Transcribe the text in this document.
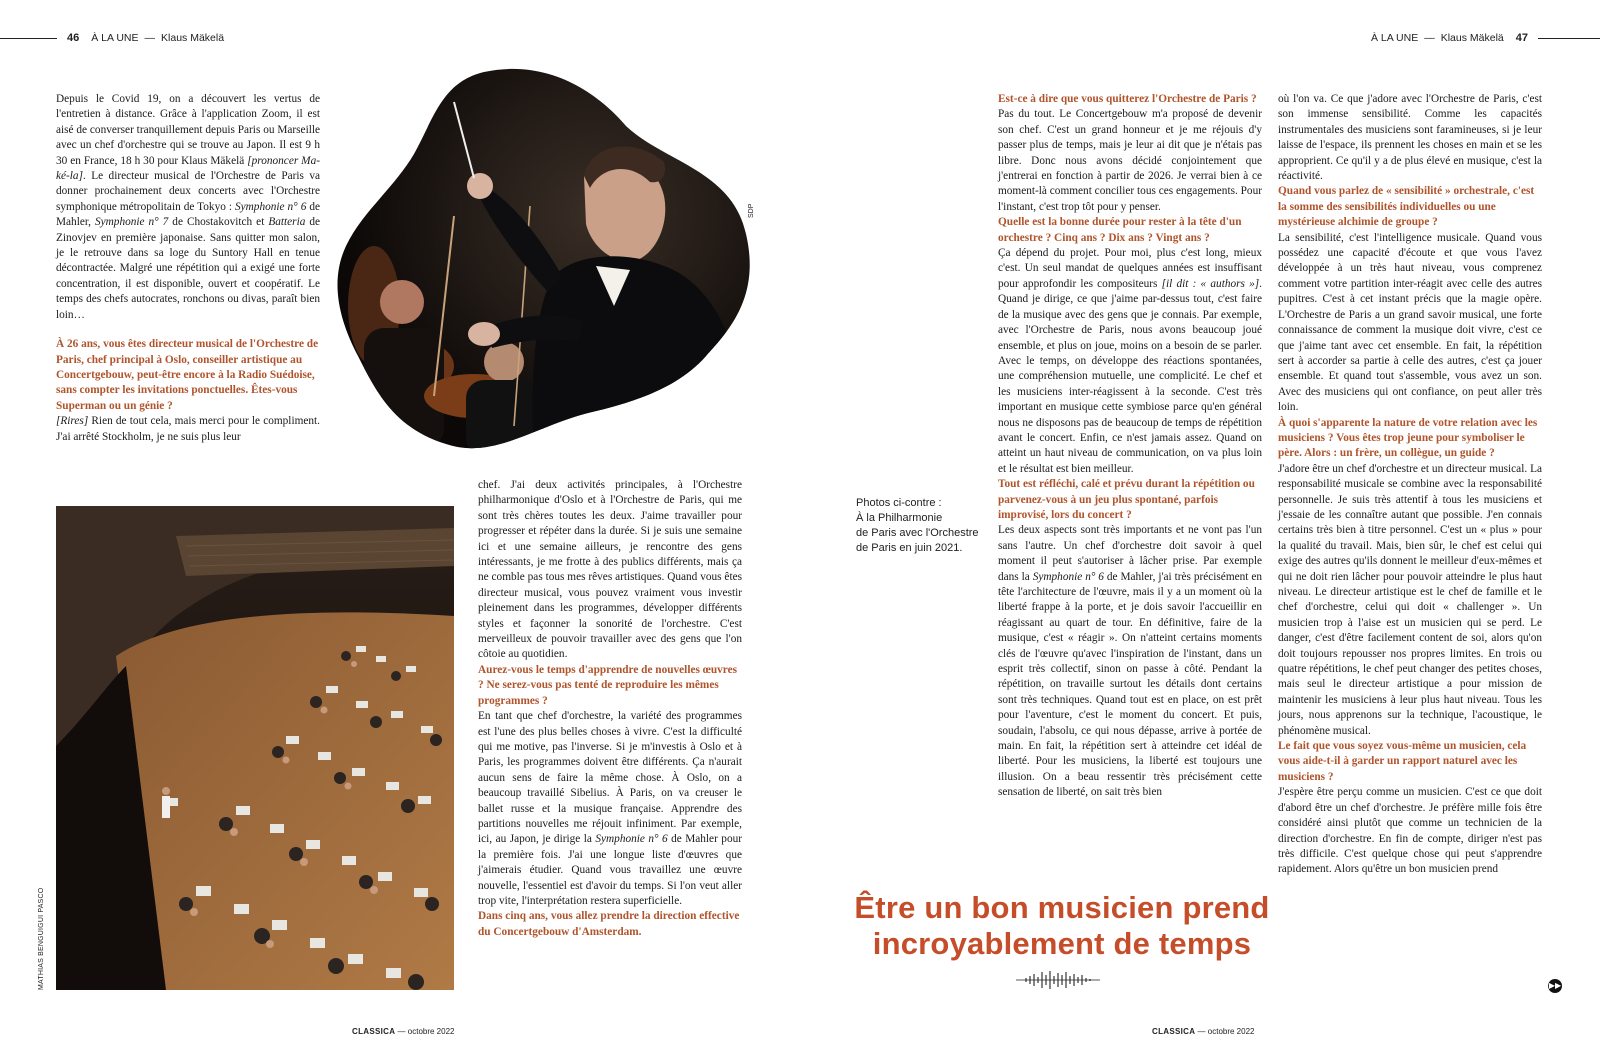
46 À LA UNE — Klaus Mäkelä	À LA UNE — Klaus Mäkelä 47

Depuis le Covid 19, on a découvert les vertus de l'entretien à distance. Grâce à l'application Zoom, il est aisé de converser tranquillement depuis Paris ou Marseille avec un chef d'orchestre qui se trouve au Japon. Il est 9 h 30 en France, 18 h 30 pour Klaus Mäkelä [prononcer Ma-ké-la]. Le directeur musical de l'Orchestre de Paris va donner prochainement deux concerts avec l'Orchestre symphonique métropolitain de Tokyo : Symphonie n° 6 de Mahler, Symphonie n° 7 de Chostakovitch et Batteria de Zinovjev en première japonaise. Sans quitter mon salon, je le retrouve dans sa loge du Suntory Hall en tenue décontractée. Malgré une répétition qui a exigé une forte concentration, il est disponible, ouvert et coopératif. Le temps des chefs autocrates, ronchons ou divas, paraît bien loin…

À 26 ans, vous êtes directeur musical de l'Orchestre de Paris, chef principal à Oslo, conseiller artistique au Concertgebouw, peut-être encore à la Radio Suédoise, sans compter les invitations ponctuelles. Êtes-vous Superman ou un génie ?

[Rires] Rien de tout cela, mais merci pour le compliment. J'ai arrêté Stockholm, je ne suis plus leur

SDP
MATHIAS BENGUIGUI PASCO

chef. J'ai deux activités principales, à l'Orchestre philharmonique d'Oslo et à l'Orchestre de Paris, qui me sont très chères toutes les deux. J'aime travailler pour progresser et répéter dans la durée. Si je suis une semaine ici et une semaine ailleurs, je rencontre des gens intéressants, je me frotte à des publics différents, mais ça ne comble pas tous mes rêves artistiques. Quand vous êtes directeur musical, vous pouvez vraiment vous investir pleinement dans les programmes, développer différents styles et façonner la sonorité de l'orchestre. C'est merveilleux de pouvoir travailler avec des gens que l'on côtoie au quotidien.

Aurez-vous le temps d'apprendre de nouvelles œuvres ? Ne serez-vous pas tenté de reproduire les mêmes programmes ?

En tant que chef d'orchestre, la variété des programmes est l'une des plus belles choses à vivre. C'est la difficulté qui me motive, pas l'inverse. Si je m'investis à Oslo et à Paris, les programmes doivent être différents. Ça n'aurait aucun sens de faire la même chose. À Oslo, on a beaucoup travaillé Sibelius. À Paris, on va creuser le ballet russe et la musique française. Apprendre des partitions nouvelles me réjouit infiniment. Par exemple, ici, au Japon, je dirige la Symphonie n° 6 de Mahler pour la première fois. J'ai une longue liste d'œuvres que j'aimerais étudier. Quand vous travaillez une œuvre nouvelle, l'essentiel est d'avoir du temps. Si l'on veut aller trop vite, l'interprétation restera superficielle.

Dans cinq ans, vous allez prendre la direction effective du Concertgebouw d'Amsterdam.

Photos ci-contre :
À la Philharmonie
de Paris avec l'Orchestre
de Paris en juin 2021.

Est-ce à dire que vous quitterez l'Orchestre de Paris ?

Pas du tout. Le Concertgebouw m'a proposé de devenir son chef. C'est un grand honneur et je me réjouis d'y passer plus de temps, mais je leur ai dit que je n'étais pas libre. Donc nous avons décidé conjointement que j'entrerai en fonction à partir de 2026. Je verrai bien à ce moment-là comment concilier tous ces engagements. Pour l'instant, c'est trop tôt pour y penser.

Quelle est la bonne durée pour rester à la tête d'un orchestre ? Cinq ans ? Dix ans ? Vingt ans ?

Ça dépend du projet. Pour moi, plus c'est long, mieux c'est. Un seul mandat de quelques années est insuffisant pour approfondir les compositeurs [il dit : « authors »]. Quand je dirige, ce que j'aime par-dessus tout, c'est faire de la musique avec des gens que je connais. Par exemple, avec l'Orchestre de Paris, nous avons beaucoup joué ensemble, et plus on joue, moins on a besoin de se parler. Avec le temps, on développe des réactions spontanées, une compréhension mutuelle, une complicité. Le chef et les musiciens inter-réagissent à la seconde. C'est très important en musique cette symbiose parce qu'en général nous ne disposons pas de beaucoup de temps de répétition avant le concert. Enfin, ce n'est jamais assez. Quand on atteint un haut niveau de communication, on va plus loin et le résultat est bien meilleur.

Tout est réfléchi, calé et prévu durant la répétition ou parvenez-vous à un jeu plus spontané, parfois improvisé, lors du concert ?

Les deux aspects sont très importants et ne vont pas l'un sans l'autre. Un chef d'orchestre doit savoir à quel moment il peut s'autoriser à lâcher prise. Par exemple dans la Symphonie n° 6 de Mahler, j'ai très précisément en tête l'architecture de l'œuvre, mais il y a un moment où la liberté frappe à la porte, et je dois savoir l'accueillir en réagissant au quart de tour. En définitive, faire de la musique, c'est « réagir ». On n'atteint certains moments clés de l'œuvre qu'avec l'inspiration de l'instant, dans un esprit très collectif, sinon on passe à côté. Pendant la répétition, on travaille surtout les détails dont certains sont très techniques. Quand tout est en place, on est prêt pour l'aventure, c'est le moment du concert. Et puis, soudain, l'absolu, ce qui nous dépasse, arrive à portée de main. En fait, la répétition sert à atteindre cet idéal de liberté. Pour les musiciens, la liberté est toujours une illusion. On a beau ressentir très précisément cette sensation de liberté, on sait très bien

où l'on va. Ce que j'adore avec l'Orchestre de Paris, c'est son immense sensibilité. Comme les capacités instrumentales des musiciens sont faramineuses, si je leur laisse de l'espace, ils prennent les choses en main et se les approprient. Ce qu'il y a de plus élevé en musique, c'est la réactivité.

Quand vous parlez de « sensibilité » orchestrale, c'est la somme des sensibilités individuelles ou une mystérieuse alchimie de groupe ?

La sensibilité, c'est l'intelligence musicale. Quand vous possédez une capacité d'écoute et que vous l'avez développée à un très haut niveau, vous comprenez comment votre partition inter-réagit avec celle des autres pupitres. C'est à cet instant précis que la magie opère. L'Orchestre de Paris a un grand savoir musical, une forte connaissance de comment la musique doit vivre, c'est ce que j'aime tant avec cet ensemble. En fait, la répétition sert à accorder sa partie à celle des autres, c'est ça jouer ensemble. Et quand tout s'assemble, vous avez un son. Avec des musiciens qui ont confiance, on peut aller très loin.

À quoi s'apparente la nature de votre relation avec les musiciens ? Vous êtes trop jeune pour symboliser le père. Alors : un frère, un collègue, un guide ?

J'adore être un chef d'orchestre et un directeur musical. La responsabilité musicale se combine avec la responsabilité personnelle. Je suis très attentif à tous les musiciens et j'essaie de les connaître autant que possible. J'en connais certains très bien à titre personnel. C'est un « plus » pour la qualité du travail. Mais, bien sûr, le chef est celui qui exige des autres qu'ils donnent le meilleur d'eux-mêmes et qui ne doit rien lâcher pour pouvoir atteindre le plus haut niveau. Le directeur artistique est le chef de famille et le chef d'orchestre, celui qui doit « challenger ». Un musicien trop à l'aise est un musicien qui se perd. Le danger, c'est d'être facilement content de soi, alors qu'on doit toujours repousser nos propres limites. En trois ou quatre répétitions, le chef peut changer des petites choses, mais seul le directeur artistique a pour mission de maintenir les musiciens à leur plus haut niveau. Tous les jours, nous apprenons sur la technique, l'acoustique, le phénomène musical.

Le fait que vous soyez vous-même un musicien, cela vous aide-t-il à garder un rapport naturel avec les musiciens ?

J'espère être perçu comme un musicien. C'est ce que doit d'abord être un chef d'orchestre. Je préfère mille fois être considéré ainsi plutôt que comme un technicien de la direction d'orchestre. En fin de compte, diriger n'est pas très difficile. C'est quelque chose qui peut s'apprendre rapidement. Alors qu'être un bon musicien prend

Être un bon musicien prend
incroyablement de temps
▶▶
CLASSICA — octobre 2022	CLASSICA — octobre 2022
